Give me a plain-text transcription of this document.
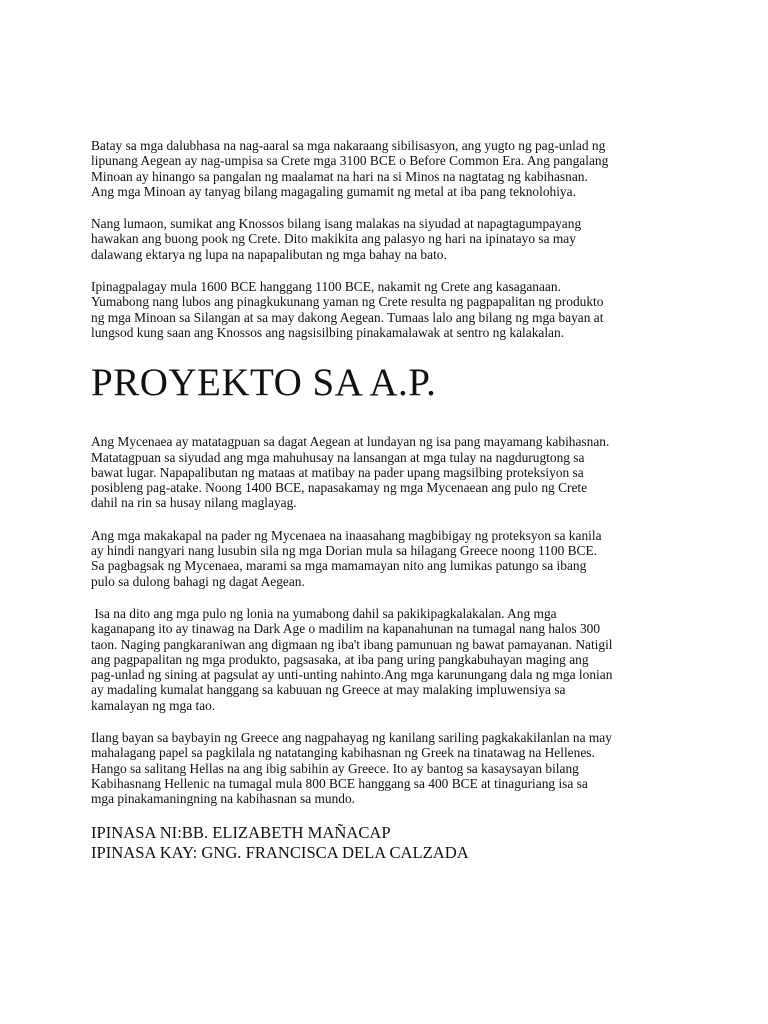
Batay sa mga dalubhasa na nag-aaral sa mga nakaraang sibilisasyon, ang yugto ng pag-unlad ng
lipunang Aegean ay nag-umpisa sa Crete mga 3100 BCE o Before Common Era. Ang pangalang
Minoan ay hinango sa pangalan ng maalamat na hari na si Minos na nagtatag ng kabihasnan.
Ang mga Minoan ay tanyag bilang magagaling gumamit ng metal at iba pang teknolohiya.

Nang lumaon, sumikat ang Knossos bilang isang malakas na siyudad at napagtagumpayang
hawakan ang buong pook ng Crete. Dito makikita ang palasyo ng hari na ipinatayo sa may
dalawang ektarya ng lupa na napapalibutan ng mga bahay na bato.

Ipinagpalagay mula 1600 BCE hanggang 1100 BCE, nakamit ng Crete ang kasaganaan.
Yumabong nang lubos ang pinagkukunang yaman ng Crete resulta ng pagpapalitan ng produkto
ng mga Minoan sa Silangan at sa may dakong Aegean. Tumaas lalo ang bilang ng mga bayan at
lungsod kung saan ang Knossos ang nagsisilbing pinakamalawak at sentro ng kalakalan.

PROYEKTO SA A.P.

Ang Mycenaea ay matatagpuan sa dagat Aegean at lundayan ng isa pang mayamang kabihasnan.
Matatagpuan sa siyudad ang mga mahuhusay na lansangan at mga tulay na nagdurugtong sa
bawat lugar. Napapalibutan ng mataas at matibay na pader upang magsilbing proteksiyon sa
posibleng pag-atake. Noong 1400 BCE, napasakamay ng mga Mycenaean ang pulo ng Crete
dahil na rin sa husay nilang maglayag.

Ang mga makakapal na pader ng Mycenaea na inaasahang magbibigay ng proteksyon sa kanila
ay hindi nangyari nang lusubin sila ng mga Dorian mula sa hilagang Greece noong 1100 BCE.
Sa pagbagsak ng Mycenaea, marami sa mga mamamayan nito ang lumikas patungo sa ibang
pulo sa dulong bahagi ng dagat Aegean.

Isa na dito ang mga pulo ng lonia na yumabong dahil sa pakikipagkalakalan. Ang mga
kaganapang ito ay tinawag na Dark Age o madilim na kapanahunan na tumagal nang halos 300
taon. Naging pangkaraniwan ang digmaan ng iba't ibang pamunuan ng bawat pamayanan. Natigil
ang pagpapalitan ng mga produkto, pagsasaka, at iba pang uring pangkabuhayan maging ang
pag-unlad ng sining at pagsulat ay unti-unting nahinto.Ang mga karunungang dala ng mga lonian
ay madaling kumalat hanggang sa kabuuan ng Greece at may malaking impluwensiya sa
kamalayan ng mga tao.

Ilang bayan sa baybayin ng Greece ang nagpahayag ng kanilang sariling pagkakakilanlan na may
mahalagang papel sa pagkilala ng natatanging kabihasnan ng Greek na tinatawag na Hellenes.
Hango sa salitang Hellas na ang ibig sabihin ay Greece. Ito ay bantog sa kasaysayan bilang
Kabihasnang Hellenic na tumagal mula 800 BCE hanggang sa 400 BCE at tinaguriang isa sa
mga pinakamaningning na kabihasnan sa mundo.

IPINASA NI:BB. ELIZABETH MAÑACAP
IPINASA KAY: GNG. FRANCISCA DELA CALZADA
